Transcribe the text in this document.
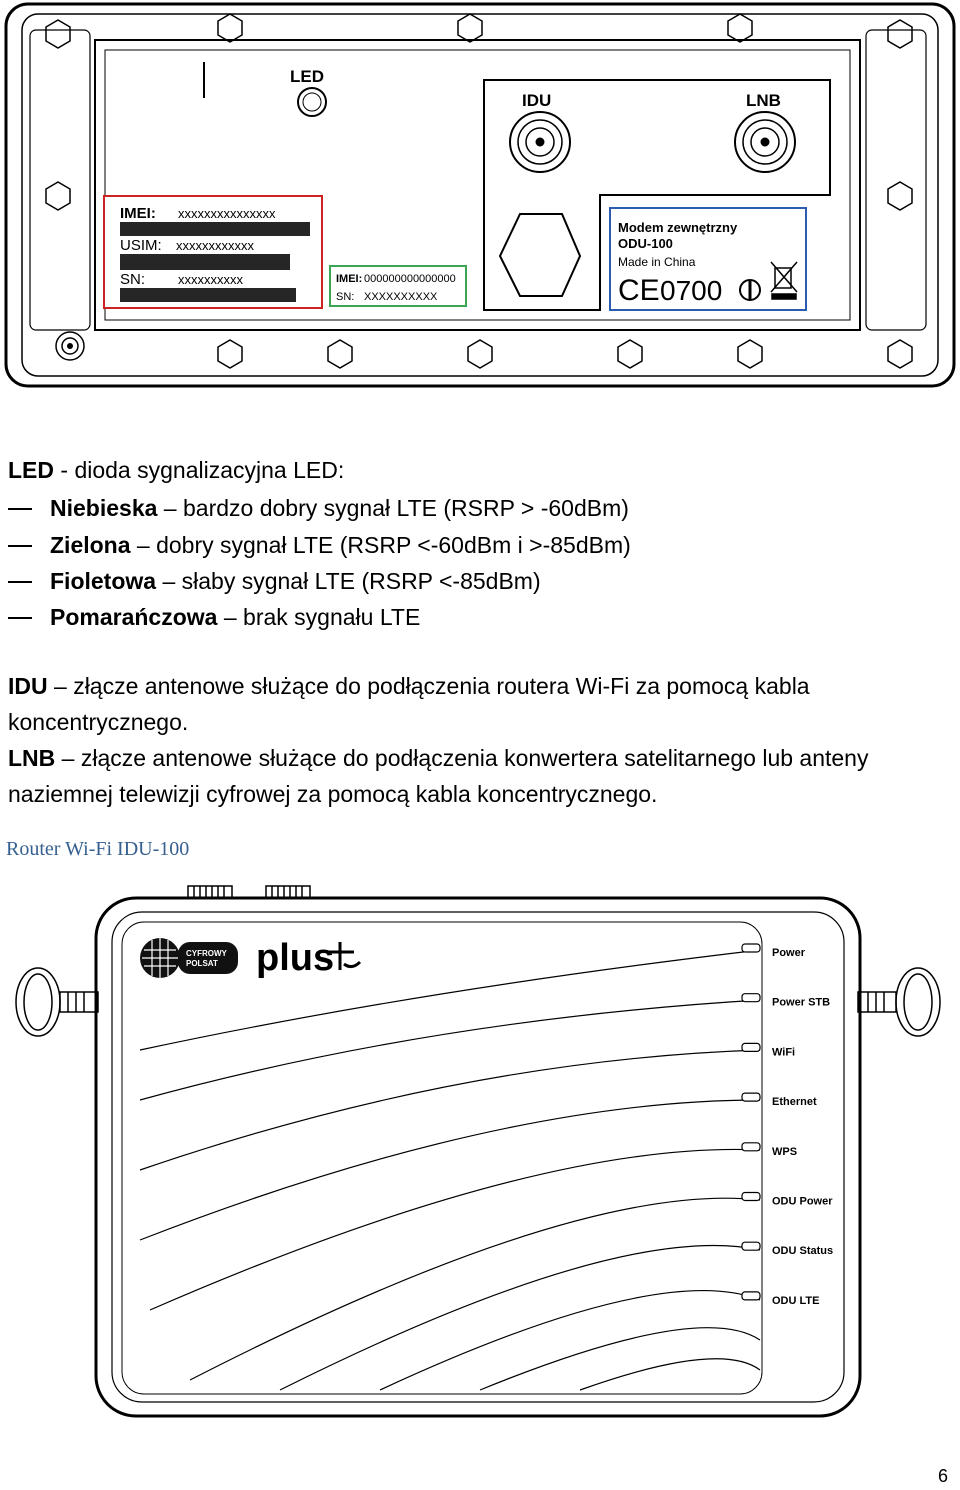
LED
IDU	LNB
IMEI: xxxxxxxxxxxxxxx
USIM: xxxxxxxxxxxx
SN:	xxxxxxxxxx	IMEI: 000000000000000
SN: XXXXXXXXXX
Modem zewnętrzny
ODU-100
Made in China
CE 0700
LED - dioda sygnalizacyjna LED:
Niebieska – bardzo dobry sygnał LTE (RSRP > -60dBm)
Zielona – dobry sygnał LTE (RSRP <-60dBm i >-85dBm)
Fioletowa – słaby sygnał LTE (RSRP <-85dBm)
Pomarańczowa – brak sygnału LTE
IDU – złącze antenowe służące do podłączenia routera Wi-Fi za pomocą kabla koncentrycznego.
LNB – złącze antenowe służące do podłączenia konwertera satelitarnego lub anteny naziemnej telewizji cyfrowej za pomocą kabla koncentrycznego.
Router Wi-Fi IDU-100
CYFROWY
POLSAT plus	Power
Power STB
WiFi
Ethernet
WPS
ODU Power
ODU Status
ODU LTE
6
